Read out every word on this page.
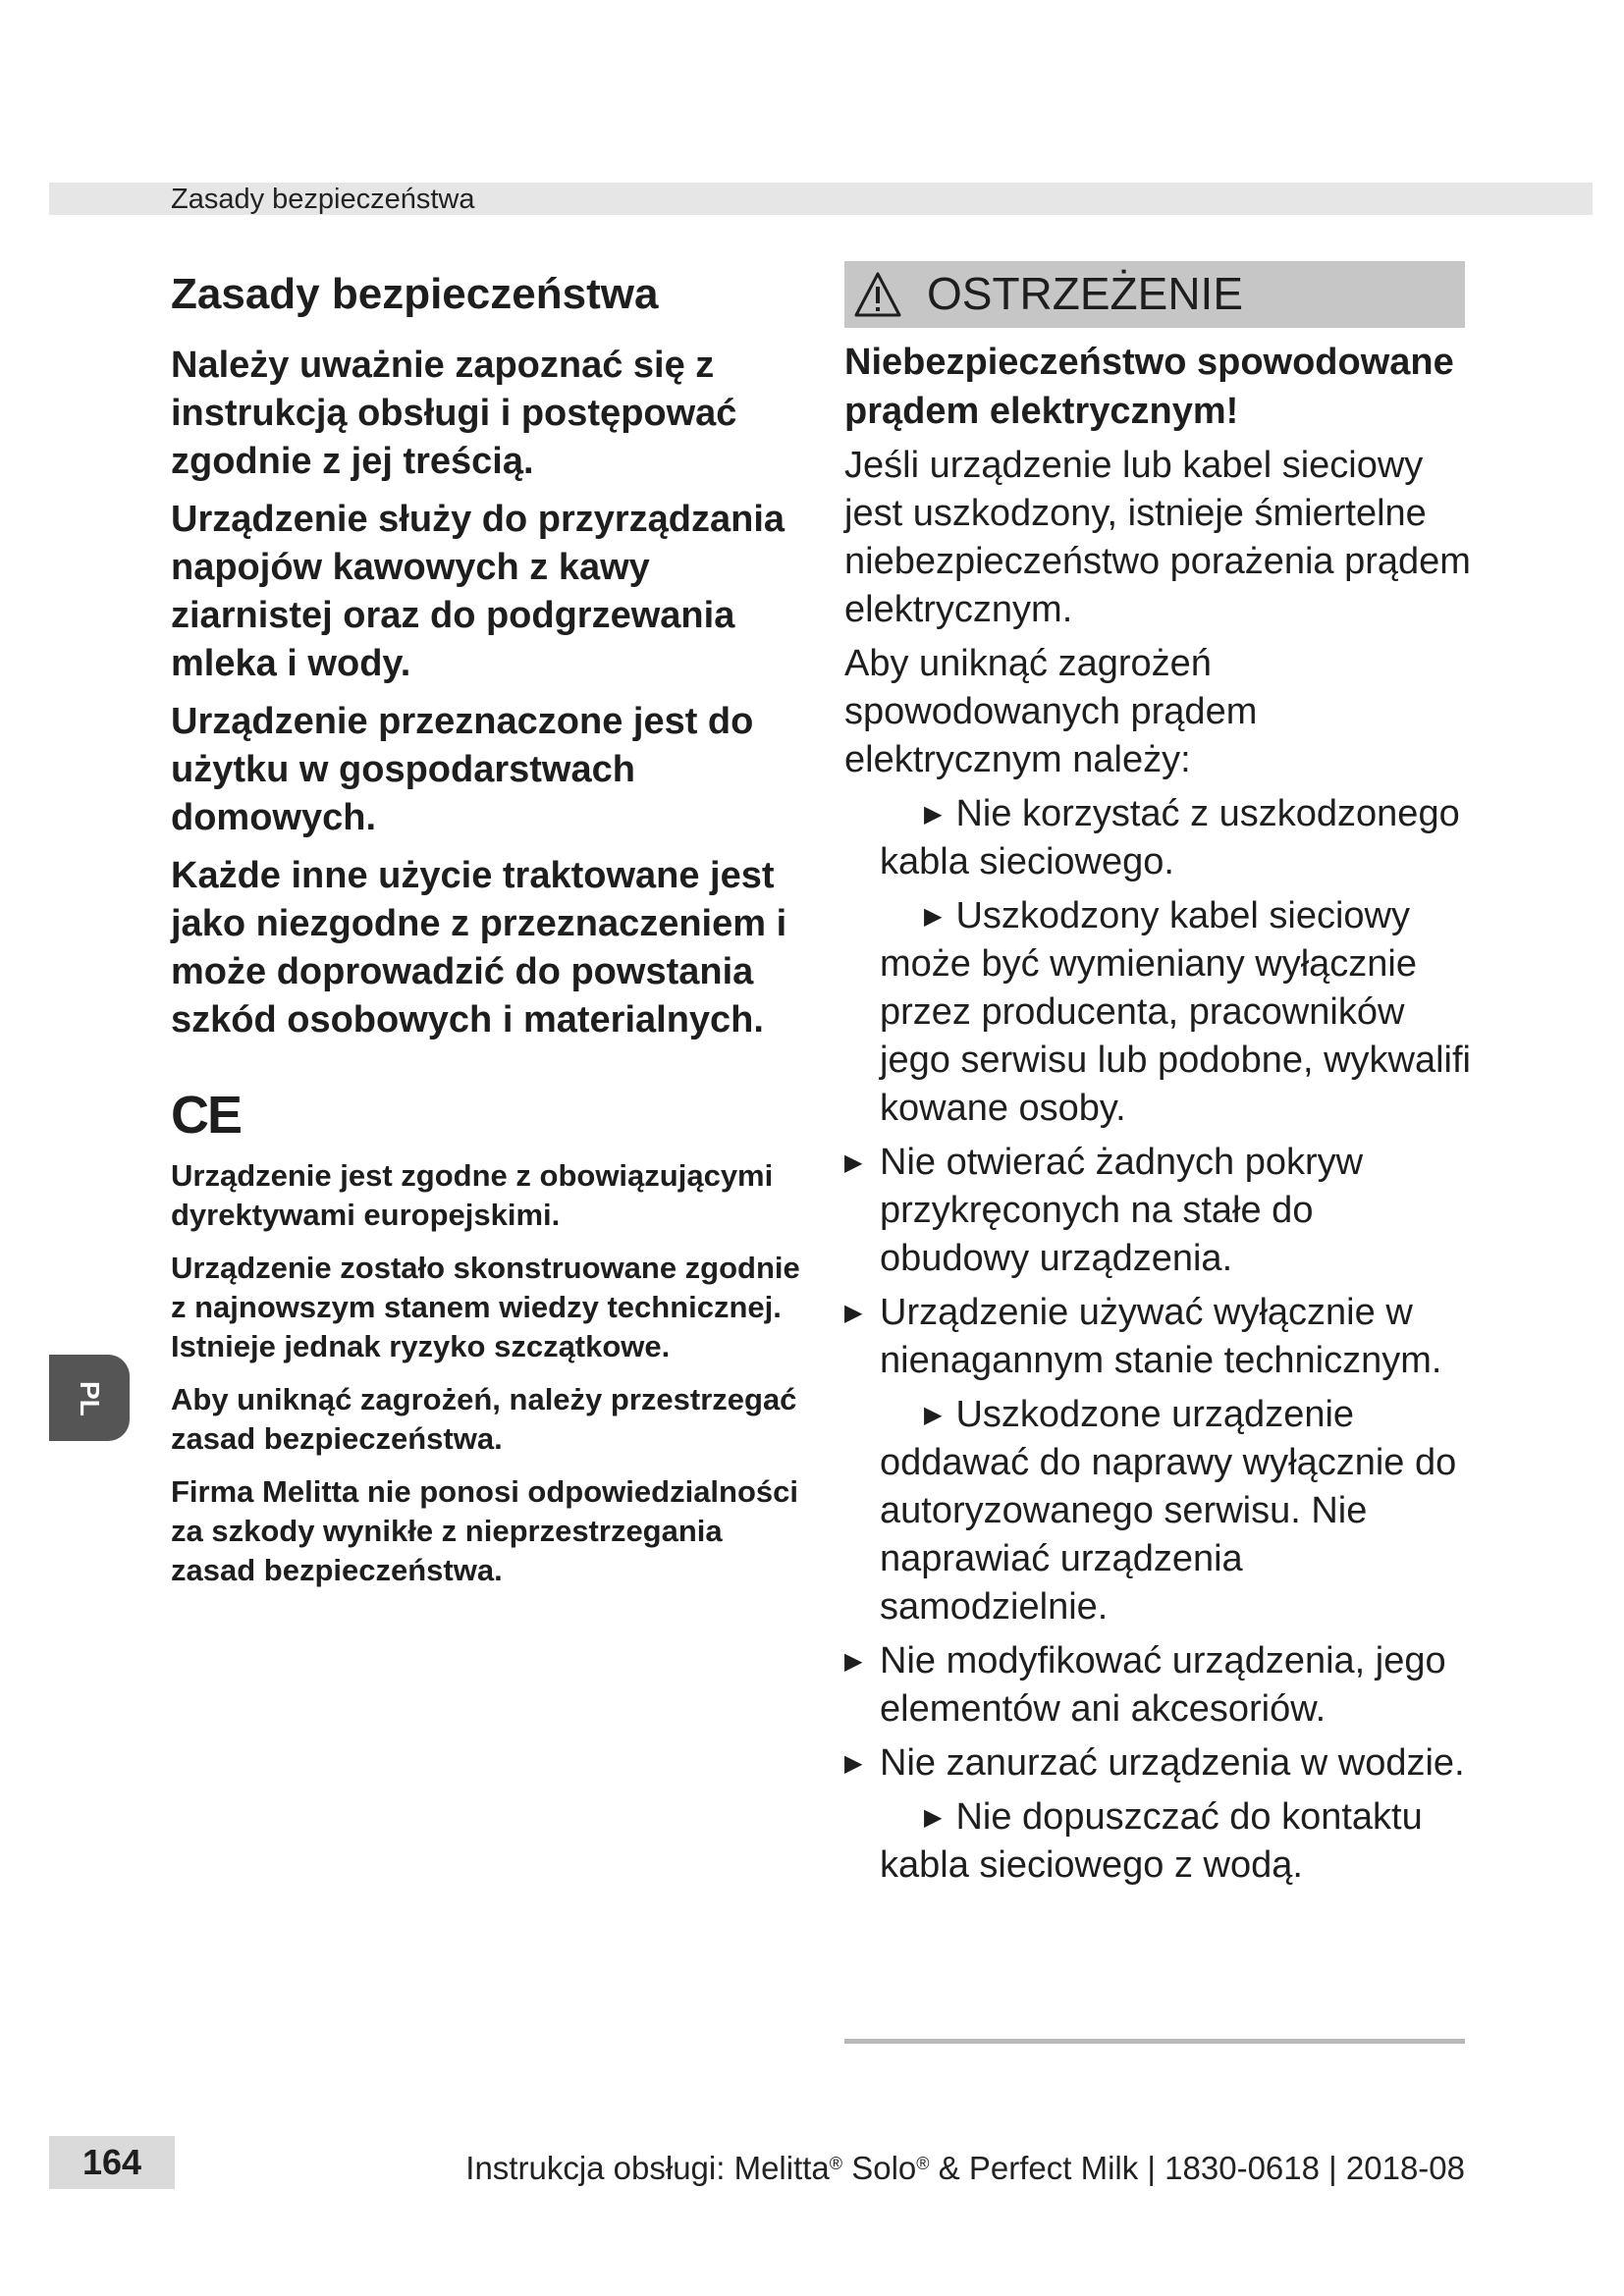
Zasady bezpieczeństwa
Zasady bezpieczeństwa

Należy uważnie zapoznać się z instrukcją obsługi i postępować zgodnie z jej treścią.

Urządzenie służy do przyrządzania napojów kawowych z kawy ziarnistej oraz do podgrzewania mleka i wody.

Urządzenie przeznaczone jest do użytku w gospodarstwach domowych.

Każde inne użycie traktowane jest jako niezgodne z przeznaczeniem i może doprowadzić do powstania szkód osobowych i materialnych.

CE

Urządzenie jest zgodne z obowiązującymi dyrektywami europejskimi.

Urządzenie zostało skonstruowane zgodnie z najnowszym stanem wiedzy technicznej. Istnieje jednak ryzyko szczątkowe.

Aby uniknąć zagrożeń, należy przestrzegać zasad bezpieczeństwa.

Firma Melitta nie ponosi odpowiedzialności za szkody wynikłe z nieprzestrzegania zasad bezpieczeństwa.

OSTRZEŻENIE

Niebezpieczeństwo spowodowane prądem elektrycznym!

Jeśli urządzenie lub kabel sieciowy jest uszkodzony, istnieje śmiertelne niebezpieczeństwo porażenia prądem elektrycznym.

Aby uniknąć zagrożeń spowodowanych prądem elektrycznym należy:

▶ Nie korzystać z uszkodzonego kabla sieciowego.
▶ Uszkodzony kabel sieciowy może być wymieniany wyłącznie przez producenta, pracowników jego serwisu lub podobne, wykwalifi kowane osoby.
▶ Nie otwierać żadnych pokryw przykręconych na stałe do obudowy urządzenia.
▶ Urządzenie używać wyłącznie w nienagannym stanie technicznym.
▶ Uszkodzone urządzenie oddawać do naprawy wyłącznie do autoryzowanego serwisu. Nie naprawiać urządzenia samodzielnie.
▶ Nie modyfikować urządzenia, jego elementów ani akcesoriów.
▶ Nie zanurzać urządzenia w wodzie.
▶ Nie dopuszczać do kontaktu kabla sieciowego z wodą.
PL
164	Instrukcja obsługi: Melitta® Solo® & Perfect Milk | 1830-0618 | 2018-08
